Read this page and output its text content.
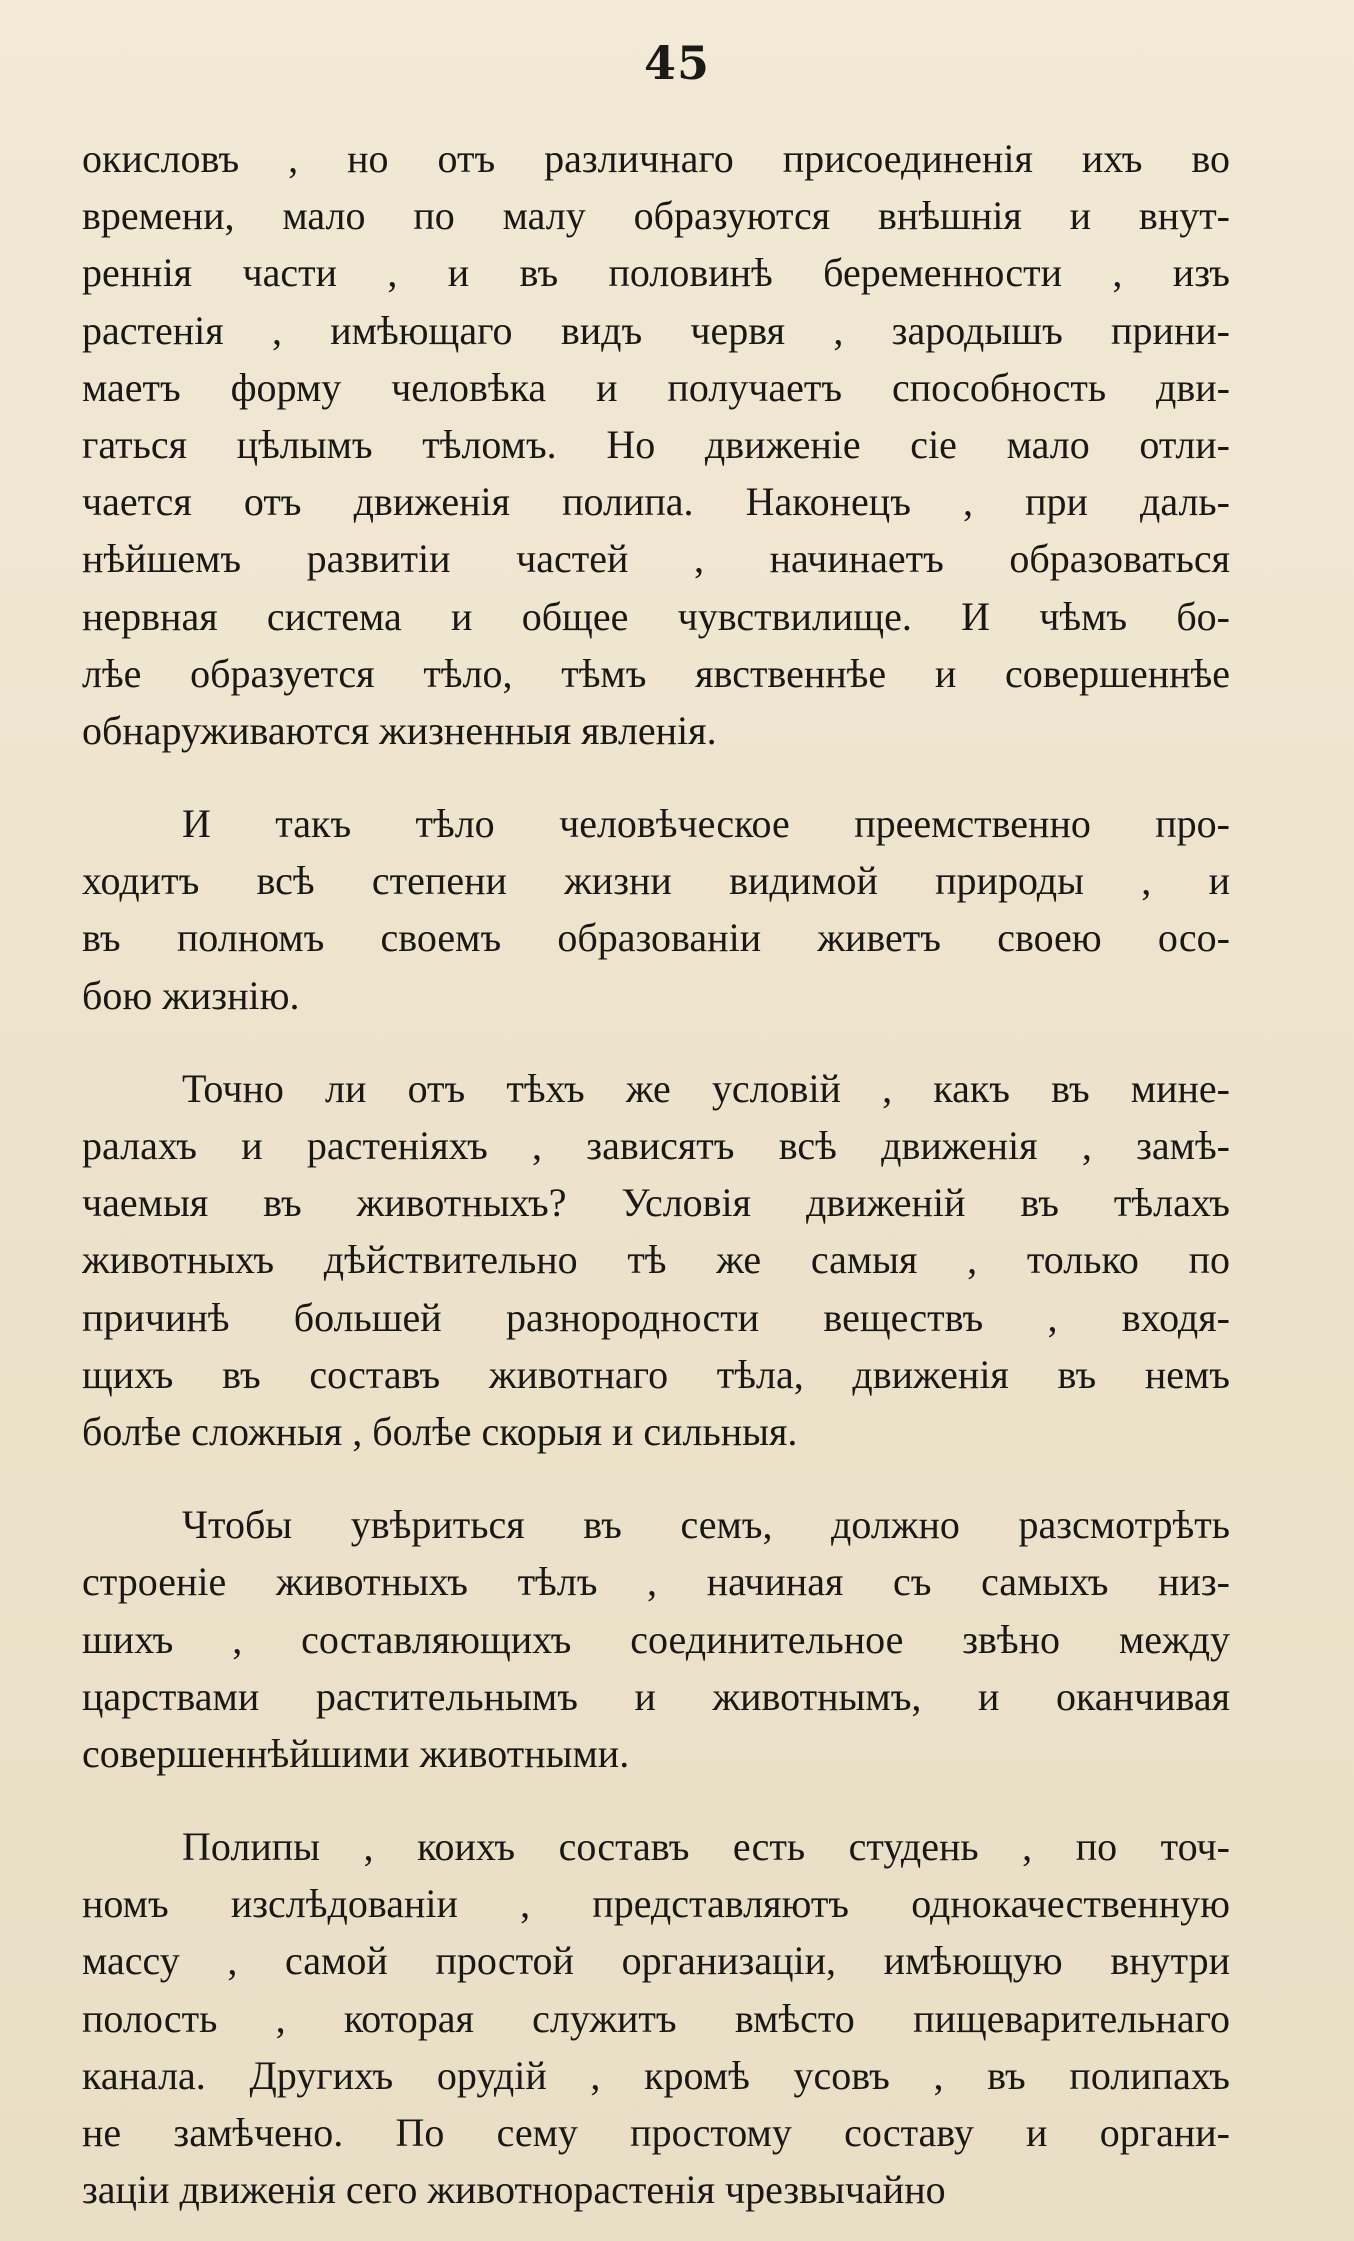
45
окисловъ , но отъ различнаго присоединенія ихъ во
времени, мало по малу образуются внѣшнія и внут-
реннія части , и въ половинѣ беременности , изъ
растенія , имѣющаго видъ червя , зародышъ прини-
маетъ форму человѣка и получаетъ способность дви-
гаться цѣлымъ тѣломъ. Но движеніе сіе мало отли-
чается отъ движенія полипа. Наконецъ , при даль-
нѣйшемъ развитіи частей , начинаетъ образоваться
нервная система и общее чувствилище. И чѣмъ бо-
лѣе образуется тѣло, тѣмъ явственнѣе и совершеннѣе
обнаруживаются жизненныя явленія.
И такъ тѣло человѣческое преемственно про-
ходитъ всѣ степени жизни видимой природы , и
въ полномъ своемъ образованіи живетъ своею осо-
бою жизнію.
Точно ли отъ тѣхъ же условій , какъ въ мине-
ралахъ и растеніяхъ , зависятъ всѣ движенія , замѣ-
чаемыя въ животныхъ? Условія движеній въ тѣлахъ
животныхъ дѣйствительно тѣ же самыя , только по
причинѣ большей разнородности веществъ , входя-
щихъ въ составъ животнаго тѣла, движенія въ немъ
болѣе сложныя , болѣе скорыя и сильныя.
Чтобы увѣриться въ семъ, должно разсмотрѣть
строеніе животныхъ тѣлъ , начиная съ самыхъ низ-
шихъ , составляющихъ соединительное звѣно между
царствами растительнымъ и животнымъ, и оканчивая
совершеннѣйшими животными.
Полипы , коихъ составъ есть студень , по точ-
номъ изслѣдованіи , представляютъ однокачественную
массу , самой простой организаціи, имѣющую внутри
полость , которая служитъ вмѣсто пищеварительнаго
канала. Другихъ орудій , кромѣ усовъ , въ полипахъ
не замѣчено. По сему простому составу и органи-
заціи движенія сего животнорастенія чрезвычайно
